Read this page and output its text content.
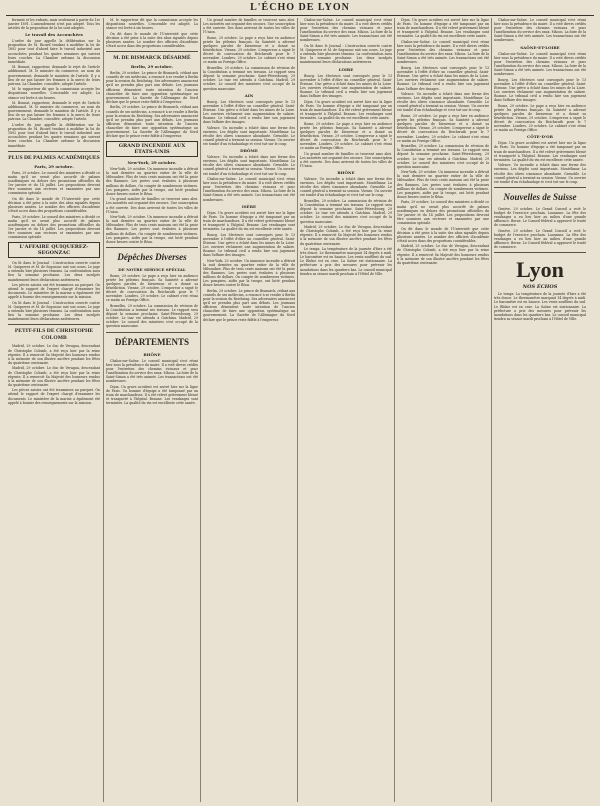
L'ÉCHO DE LYON

ferment et les enfants, mais seulement à partir du 1er janvier 1891. L'amendement n'est pas adopté. Tous les articles de la proposition de la loi sont adoptés.

Le travail des Accouchées

L'ordre du jour appelle la délibération sur la proposition de M. Ricard tendant à modifier la loi de 1892 pour tout d'abord faire le travail industriel aux accouchées pendant les quatre semaines qui suivent leurs couches. La Chambre ordonne la discussion immédiate.

M. Bonnat, rapporteur, demande le rejet de l'article additionnel. M. le ministre du commerce, au nom du gouvernement, demande le maintien de l'article. Il y a lieu de ne pas laisser les femmes à la merci de leurs patrons. La Chambre, consultée, adopte l'article.

M. le rapporteur dit que la commission accepte les dispositions nouvelles. L'ensemble est adopté. La séance est levée à six heures.

M. Bonnat, rapporteur, demande le rejet de l'article additionnel. M. le ministre du commerce, au nom du gouvernement, demande le maintien de l'article. Il y a lieu de ne pas laisser les femmes à la merci de leurs patrons. La Chambre, consultée, adopte l'article.

L'ordre du jour appelle la délibération sur la proposition de M. Ricard tendant à modifier la loi de 1892 pour tout d'abord faire le travail industriel aux accouchées pendant les quatre semaines qui suivent leurs couches. La Chambre ordonne la discussion immédiate.

PLUS DE PALMES ACADÉMIQUES
Paris, 29 octobre.

Paris, 29 octobre. Le conseil des ministres a décidé ce matin qu'il ne serait plus accordé de palmes académiques en dehors des promotions officielles du 1er janvier et du 14 juillet. Les propositions devront être soumises aux recteurs et examinées par une commission spéciale.

On dit dans le monde de l'Université que cette décision a été prise à la suite des abus signalés depuis plusieurs années. Le nombre des officiers d'académie s'était accru dans des proportions considérables.

Paris, 29 octobre. Le conseil des ministres a décidé ce matin qu'il ne serait plus accordé de palmes académiques en dehors des promotions officielles du 1er janvier et du 14 juillet. Les propositions devront être soumises aux recteurs et examinées par une commission spéciale.

L'AFFAIRE QUIQUEREZ-SEGONZAC

On lit dans le Journal : L'instruction ouverte contre M. Quiquerez et M. de Segonzac suit son cours. Le juge a entendu hier plusieurs témoins. La confrontation aura lieu la semaine prochaine. Les deux inculpés maintiennent leurs déclarations antérieures.

Les pièces saisies ont été transmises au parquet. On attend le rapport de l'expert chargé d'examiner les documents. Le ministère de la marine a également été appelé à fournir des renseignements sur la mission.

On lit dans le Journal : L'instruction ouverte contre M. Quiquerez et M. de Segonzac suit son cours. Le juge a entendu hier plusieurs témoins. La confrontation aura lieu la semaine prochaine. Les deux inculpés maintiennent leurs déclarations antérieures.

PETIT-FILS DE CHRISTOPHE COLOMB

Madrid, 29 octobre. Le duc de Veragua, descendant de Christophe Colomb, a été reçu hier par la reine régente. Il a remercié Sa Majesté des honneurs rendus à la mémoire de son illustre ancêtre pendant les fêtes du quatrième centenaire.

Madrid, 29 octobre. Le duc de Veragua, descendant de Christophe Colomb, a été reçu hier par la reine régente. Il a remercié Sa Majesté des honneurs rendus à la mémoire de son illustre ancêtre pendant les fêtes du quatrième centenaire.

Les pièces saisies ont été transmises au parquet. On attend le rapport de l'expert chargé d'examiner les documents. Le ministère de la marine a également été appelé à fournir des renseignements sur la mission.

M. le rapporteur dit que la commission accepte les dispositions nouvelles. L'ensemble est adopté. La séance est levée à six heures.

On dit dans le monde de l'Université que cette décision a été prise à la suite des abus signalés depuis plusieurs années. Le nombre des officiers d'académie s'était accru dans des proportions considérables.

M. DE BISMARCK DÉSARMÉ
Berlin, 29 octobre.

Berlin, 29 octobre. Le prince de Bismarck, cédant aux conseils de ses médecins, a renoncé à se rendre à Berlin pour la session du Reichstag. Ses adversaires annoncent qu'il ne prendra plus part aux débats. Les journaux officieux démentent toute intention de l'ancien chancelier de faire une opposition systématique au gouvernement. La Gazette de l'Allemagne du Nord déclare que le prince reste fidèle à l'empereur.

Berlin, 29 octobre. Le prince de Bismarck, cédant aux conseils de ses médecins, a renoncé à se rendre à Berlin pour la session du Reichstag. Ses adversaires annoncent qu'il ne prendra plus part aux débats. Les journaux officieux démentent toute intention de l'ancien chancelier de faire une opposition systématique au gouvernement. La Gazette de l'Allemagne du Nord déclare que le prince reste fidèle à l'empereur.

GRAND INCENDIE AUX ÉTATS-UNIS
New-York, 29 octobre.

New-York, 29 octobre. Un immense incendie a détruit la nuit dernière un quartier entier de la ville de Milwaukee. Plus de trois cents maisons ont été la proie des flammes. Les pertes sont évaluées à plusieurs millions de dollars. On compte de nombreuses victimes. Les pompiers, aidés par la troupe, ont lutté pendant douze heures contre le fléau.

Un grand nombre de familles se trouvent sans abri. Les autorités ont organisé des secours. Une souscription a été ouverte. Des dons arrivent de toutes les villes de l'Union.

New-York, 29 octobre. Un immense incendie a détruit la nuit dernière un quartier entier de la ville de Milwaukee. Plus de trois cents maisons ont été la proie des flammes. Les pertes sont évaluées à plusieurs millions de dollars. On compte de nombreuses victimes. Les pompiers, aidés par la troupe, ont lutté pendant douze heures contre le fléau.

Dépêches Diverses
DE NOTRE SERVICE SPÉCIAL

Rome, 29 octobre. Le pape a reçu hier en audience privée les pèlerins français. Sa Sainteté a adressé quelques paroles de bienvenue et a donné sa bénédiction. Vienne, 29 octobre. L'empereur a signé le décret de convocation du Reichsrath pour le 7 novembre. Londres, 29 octobre. Le cabinet s'est réuni ce matin au Foreign Office.

Bruxelles, 29 octobre. La commission de révision de la Constitution a terminé ses travaux. Le rapport sera déposé la semaine prochaine. Saint-Pétersbourg, 29 octobre. Le tsar est attendu à Gatchina. Madrid, 29 octobre. Le conseil des ministres s'est occupé de la question marocaine.

DÉPARTEMENTS
RHÔNE

Chalon-sur-Saône. Le conseil municipal s'est réuni hier sous la présidence du maire. Il a voté divers crédits pour l'entretien des chemins vicinaux et pour l'amélioration du service des eaux. Mâcon. La foire de la Saint-Simon a été très animée. Les transactions ont été nombreuses.

Dijon. Un grave accident est arrivé hier sur la ligne de Paris. Un homme d'équipe a été tamponné par un train de marchandises. Il a été relevé grièvement blessé et transporté à l'hôpital. Beaune. Les vendanges sont terminées. La qualité du vin est excellente cette année.

Un grand nombre de familles se trouvent sans abri. Les autorités ont organisé des secours. Une souscription a été ouverte. Des dons arrivent de toutes les villes de l'Union.

Rome, 29 octobre. Le pape a reçu hier en audience privée les pèlerins français. Sa Sainteté a adressé quelques paroles de bienvenue et a donné sa bénédiction. Vienne, 29 octobre. L'empereur a signé le décret de convocation du Reichsrath pour le 7 novembre. Londres, 29 octobre. Le cabinet s'est réuni ce matin au Foreign Office.

Bruxelles, 29 octobre. La commission de révision de la Constitution a terminé ses travaux. Le rapport sera déposé la semaine prochaine. Saint-Pétersbourg, 29 octobre. Le tsar est attendu à Gatchina. Madrid, 29 octobre. Le conseil des ministres s'est occupé de la question marocaine.

AIN

Bourg. Les électeurs sont convoqués pour le 13 novembre à l'effet d'élire un conseiller général. Saint-Étienne. Une grève a éclaté dans les mines de la Loire. Les ouvriers réclament une augmentation de salaire. Roanne. Le tribunal civil a rendu hier son jugement dans l'affaire des tissages.

Valence. Un incendie a éclaté dans une ferme des environs. Les dégâts sont importants. Montélimar. La récolte des olives s'annonce abondante. Grenoble. Le conseil général a terminé sa session. Vienne. Un ouvrier est tombé d'un échafaudage et s'est tué sur le coup.

DRÔME

Valence. Un incendie a éclaté dans une ferme des environs. Les dégâts sont importants. Montélimar. La récolte des olives s'annonce abondante. Grenoble. Le conseil général a terminé sa session. Vienne. Un ouvrier est tombé d'un échafaudage et s'est tué sur le coup.

Chalon-sur-Saône. Le conseil municipal s'est réuni hier sous la présidence du maire. Il a voté divers crédits pour l'entretien des chemins vicinaux et pour l'amélioration du service des eaux. Mâcon. La foire de la Saint-Simon a été très animée. Les transactions ont été nombreuses.

ISÈRE

Dijon. Un grave accident est arrivé hier sur la ligne de Paris. Un homme d'équipe a été tamponné par un train de marchandises. Il a été relevé grièvement blessé et transporté à l'hôpital. Beaune. Les vendanges sont terminées. La qualité du vin est excellente cette année.

Bourg. Les électeurs sont convoqués pour le 13 novembre à l'effet d'élire un conseiller général. Saint-Étienne. Une grève a éclaté dans les mines de la Loire. Les ouvriers réclament une augmentation de salaire. Roanne. Le tribunal civil a rendu hier son jugement dans l'affaire des tissages.

New-York, 29 octobre. Un immense incendie a détruit la nuit dernière un quartier entier de la ville de Milwaukee. Plus de trois cents maisons ont été la proie des flammes. Les pertes sont évaluées à plusieurs millions de dollars. On compte de nombreuses victimes. Les pompiers, aidés par la troupe, ont lutté pendant douze heures contre le fléau.

Berlin, 29 octobre. Le prince de Bismarck, cédant aux conseils de ses médecins, a renoncé à se rendre à Berlin pour la session du Reichstag. Ses adversaires annoncent qu'il ne prendra plus part aux débats. Les journaux officieux démentent toute intention de l'ancien chancelier de faire une opposition systématique au gouvernement. La Gazette de l'Allemagne du Nord déclare que le prince reste fidèle à l'empereur.

Chalon-sur-Saône. Le conseil municipal s'est réuni hier sous la présidence du maire. Il a voté divers crédits pour l'entretien des chemins vicinaux et pour l'amélioration du service des eaux. Mâcon. La foire de la Saint-Simon a été très animée. Les transactions ont été nombreuses.

On lit dans le Journal : L'instruction ouverte contre M. Quiquerez et M. de Segonzac suit son cours. Le juge a entendu hier plusieurs témoins. La confrontation aura lieu la semaine prochaine. Les deux inculpés maintiennent leurs déclarations antérieures.

LOIRE

Bourg. Les électeurs sont convoqués pour le 13 novembre à l'effet d'élire un conseiller général. Saint-Étienne. Une grève a éclaté dans les mines de la Loire. Les ouvriers réclament une augmentation de salaire. Roanne. Le tribunal civil a rendu hier son jugement dans l'affaire des tissages.

Dijon. Un grave accident est arrivé hier sur la ligne de Paris. Un homme d'équipe a été tamponné par un train de marchandises. Il a été relevé grièvement blessé et transporté à l'hôpital. Beaune. Les vendanges sont terminées. La qualité du vin est excellente cette année.

Rome, 29 octobre. Le pape a reçu hier en audience privée les pèlerins français. Sa Sainteté a adressé quelques paroles de bienvenue et a donné sa bénédiction. Vienne, 29 octobre. L'empereur a signé le décret de convocation du Reichsrath pour le 7 novembre. Londres, 29 octobre. Le cabinet s'est réuni ce matin au Foreign Office.

Un grand nombre de familles se trouvent sans abri. Les autorités ont organisé des secours. Une souscription a été ouverte. Des dons arrivent de toutes les villes de l'Union.

RHÔNE

Valence. Un incendie a éclaté dans une ferme des environs. Les dégâts sont importants. Montélimar. La récolte des olives s'annonce abondante. Grenoble. Le conseil général a terminé sa session. Vienne. Un ouvrier est tombé d'un échafaudage et s'est tué sur le coup.

Bruxelles, 29 octobre. La commission de révision de la Constitution a terminé ses travaux. Le rapport sera déposé la semaine prochaine. Saint-Pétersbourg, 29 octobre. Le tsar est attendu à Gatchina. Madrid, 29 octobre. Le conseil des ministres s'est occupé de la question marocaine.

Madrid, 29 octobre. Le duc de Veragua, descendant de Christophe Colomb, a été reçu hier par la reine régente. Il a remercié Sa Majesté des honneurs rendus à la mémoire de son illustre ancêtre pendant les fêtes du quatrième centenaire.

Le temps. La température de la journée d'hier a été très douce. Le thermomètre marquait 14 degrés à midi. Le baromètre est en hausse. Les vents soufflent du sud. Le Rhône est en crue. La Saône est stationnaire. La préfecture a pris des mesures pour prévenir les inondations dans les quartiers bas. Le conseil municipal tiendra sa séance mardi prochain à l'Hôtel de Ville.

Dijon. Un grave accident est arrivé hier sur la ligne de Paris. Un homme d'équipe a été tamponné par un train de marchandises. Il a été relevé grièvement blessé et transporté à l'hôpital. Beaune. Les vendanges sont terminées. La qualité du vin est excellente cette année.

Chalon-sur-Saône. Le conseil municipal s'est réuni hier sous la présidence du maire. Il a voté divers crédits pour l'entretien des chemins vicinaux et pour l'amélioration du service des eaux. Mâcon. La foire de la Saint-Simon a été très animée. Les transactions ont été nombreuses.

Bourg. Les électeurs sont convoqués pour le 13 novembre à l'effet d'élire un conseiller général. Saint-Étienne. Une grève a éclaté dans les mines de la Loire. Les ouvriers réclament une augmentation de salaire. Roanne. Le tribunal civil a rendu hier son jugement dans l'affaire des tissages.

Valence. Un incendie a éclaté dans une ferme des environs. Les dégâts sont importants. Montélimar. La récolte des olives s'annonce abondante. Grenoble. Le conseil général a terminé sa session. Vienne. Un ouvrier est tombé d'un échafaudage et s'est tué sur le coup.

Rome, 29 octobre. Le pape a reçu hier en audience privée les pèlerins français. Sa Sainteté a adressé quelques paroles de bienvenue et a donné sa bénédiction. Vienne, 29 octobre. L'empereur a signé le décret de convocation du Reichsrath pour le 7 novembre. Londres, 29 octobre. Le cabinet s'est réuni ce matin au Foreign Office.

Bruxelles, 29 octobre. La commission de révision de la Constitution a terminé ses travaux. Le rapport sera déposé la semaine prochaine. Saint-Pétersbourg, 29 octobre. Le tsar est attendu à Gatchina. Madrid, 29 octobre. Le conseil des ministres s'est occupé de la question marocaine.

New-York, 29 octobre. Un immense incendie a détruit la nuit dernière un quartier entier de la ville de Milwaukee. Plus de trois cents maisons ont été la proie des flammes. Les pertes sont évaluées à plusieurs millions de dollars. On compte de nombreuses victimes. Les pompiers, aidés par la troupe, ont lutté pendant douze heures contre le fléau.

Paris, 29 octobre. Le conseil des ministres a décidé ce matin qu'il ne serait plus accordé de palmes académiques en dehors des promotions officielles du 1er janvier et du 14 juillet. Les propositions devront être soumises aux recteurs et examinées par une commission spéciale.

On dit dans le monde de l'Université que cette décision a été prise à la suite des abus signalés depuis plusieurs années. Le nombre des officiers d'académie s'était accru dans des proportions considérables.

Madrid, 29 octobre. Le duc de Veragua, descendant de Christophe Colomb, a été reçu hier par la reine régente. Il a remercié Sa Majesté des honneurs rendus à la mémoire de son illustre ancêtre pendant les fêtes du quatrième centenaire.

Chalon-sur-Saône. Le conseil municipal s'est réuni hier sous la présidence du maire. Il a voté divers crédits pour l'entretien des chemins vicinaux et pour l'amélioration du service des eaux. Mâcon. La foire de la Saint-Simon a été très animée. Les transactions ont été nombreuses.

SAÔNE-ET-LOIRE

Chalon-sur-Saône. Le conseil municipal s'est réuni hier sous la présidence du maire. Il a voté divers crédits pour l'entretien des chemins vicinaux et pour l'amélioration du service des eaux. Mâcon. La foire de la Saint-Simon a été très animée. Les transactions ont été nombreuses.

Bourg. Les électeurs sont convoqués pour le 13 novembre à l'effet d'élire un conseiller général. Saint-Étienne. Une grève a éclaté dans les mines de la Loire. Les ouvriers réclament une augmentation de salaire. Roanne. Le tribunal civil a rendu hier son jugement dans l'affaire des tissages.

Rome, 29 octobre. Le pape a reçu hier en audience privée les pèlerins français. Sa Sainteté a adressé quelques paroles de bienvenue et a donné sa bénédiction. Vienne, 29 octobre. L'empereur a signé le décret de convocation du Reichsrath pour le 7 novembre. Londres, 29 octobre. Le cabinet s'est réuni ce matin au Foreign Office.

CÔTE-D'OR

Dijon. Un grave accident est arrivé hier sur la ligne de Paris. Un homme d'équipe a été tamponné par un train de marchandises. Il a été relevé grièvement blessé et transporté à l'hôpital. Beaune. Les vendanges sont terminées. La qualité du vin est excellente cette année.

Valence. Un incendie a éclaté dans une ferme des environs. Les dégâts sont importants. Montélimar. La récolte des olives s'annonce abondante. Grenoble. Le conseil général a terminé sa session. Vienne. Un ouvrier est tombé d'un échafaudage et s'est tué sur le coup.

Nouvelles de Suisse

Genève, 29 octobre. Le Grand Conseil a voté le budget de l'exercice prochain. Lausanne. La fête des vendanges a eu lieu hier au milieu d'une grande affluence. Berne. Le Conseil fédéral a approuvé le traité de commerce.

Genève, 29 octobre. Le Grand Conseil a voté le budget de l'exercice prochain. Lausanne. La fête des vendanges a eu lieu hier au milieu d'une grande affluence. Berne. Le Conseil fédéral a approuvé le traité de commerce.

Lyon
NOS ÉCHOS

Le temps. La température de la journée d'hier a été très douce. Le thermomètre marquait 14 degrés à midi. Le baromètre est en hausse. Les vents soufflent du sud. Le Rhône est en crue. La Saône est stationnaire. La préfecture a pris des mesures pour prévenir les inondations dans les quartiers bas. Le conseil municipal tiendra sa séance mardi prochain à l'Hôtel de Ville.
